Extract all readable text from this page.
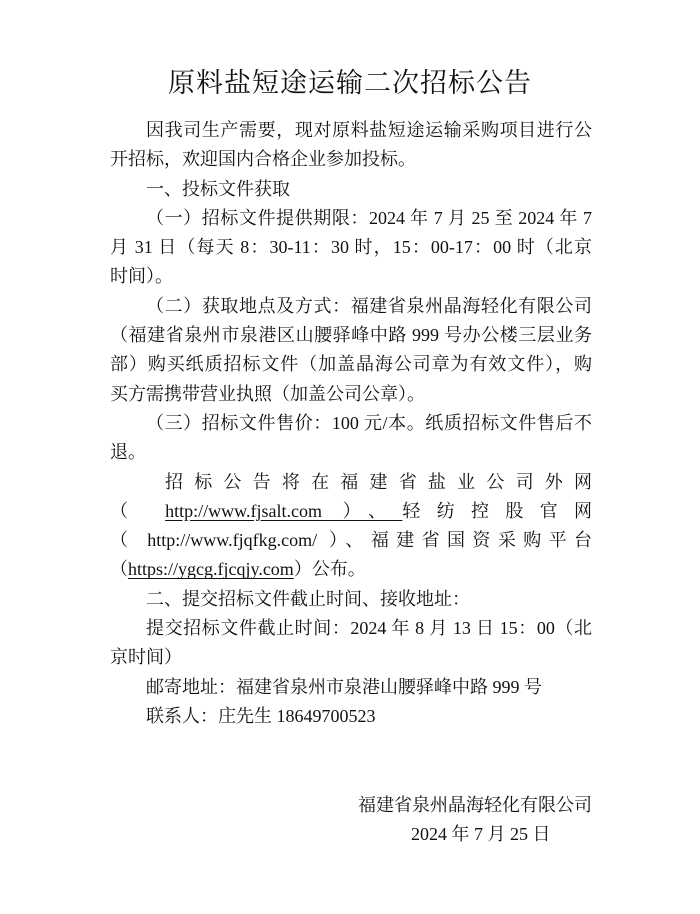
原料盐短途运输二次招标公告
因我司生产需要，现对原料盐短途运输采购项目进行公
开招标，欢迎国内合格企业参加投标。
一、投标文件获取
（一）招标文件提供期限：2024 年 7 月 25 至 2024 年 7
月 31 日（每天 8：30-11：30 时，15：00-17：00 时（北京
时间）。
（二）获取地点及方式：福建省泉州晶海轻化有限公司
（福建省泉州市泉港区山腰驿峰中路 999 号办公楼三层业务
部）购买纸质招标文件（加盖晶海公司章为有效文件），购
买方需携带营业执照（加盖公司公章）。
（三）招标文件售价：100 元/本。纸质招标文件售后不
退。
招标公告将在福建省盐业公司外网
（ http://www.fjsalt.com ）、轻纺控股官网
（ http://www.fjqfkg.com/ ）、福建省国资采购平台
（https://ygcg.fjcqjy.com）公布。
二、提交招标文件截止时间、接收地址：
提交招标文件截止时间：2024 年 8 月 13 日 15：00（北
京时间）
邮寄地址：福建省泉州市泉港山腰驿峰中路 999 号
联系人：庄先生 18649700523
福建省泉州晶海轻化有限公司
2024 年 7 月 25 日
